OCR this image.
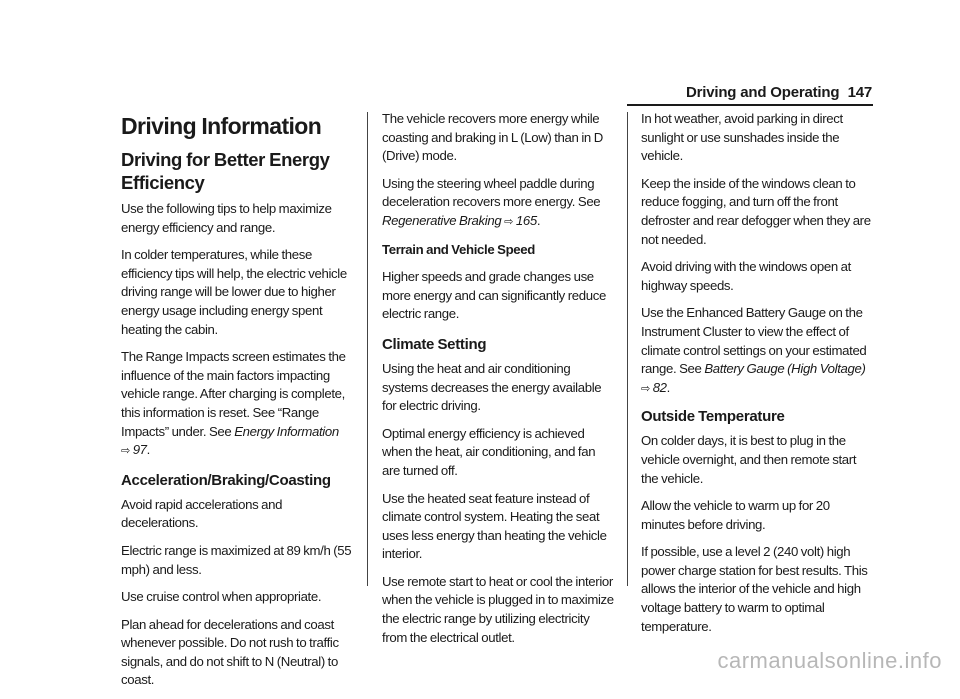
Driving and Operating 147
Driving Information
Driving for Better Energy Efficiency

Use the following tips to help maximize energy efficiency and range.

In colder temperatures, while these efficiency tips will help, the electric vehicle driving range will be lower due to higher energy usage including energy spent heating the cabin.

The Range Impacts screen estimates the influence of the main factors impacting vehicle range. After charging is complete, this information is reset. See “Range Impacts” under. See Energy Information
⇨ 97.

Acceleration/Braking/Coasting

Avoid rapid accelerations and decelerations.

Electric range is maximized at 89 km/h (55 mph) and less.

Use cruise control when appropriate.

Plan ahead for decelerations and coast whenever possible. Do not rush to traffic signals, and do not shift to N (Neutral) to coast.

The vehicle recovers more energy while coasting and braking in L (Low) than in D (Drive) mode.

Using the steering wheel paddle during deceleration recovers more energy. See
Regenerative Braking ⇨ 165.

Terrain and Vehicle Speed

Higher speeds and grade changes use more energy and can significantly reduce electric range.

Climate Setting

Using the heat and air conditioning systems decreases the energy available for electric driving.

Optimal energy efficiency is achieved when the heat, air conditioning, and fan are turned off.

Use the heated seat feature instead of climate control system. Heating the seat uses less energy than heating the vehicle interior.

Use remote start to heat or cool the interior when the vehicle is plugged in to maximize the electric range by utilizing electricity from the electrical outlet.

In hot weather, avoid parking in direct sunlight or use sunshades inside the vehicle.

Keep the inside of the windows clean to reduce fogging, and turn off the front defroster and rear defogger when they are not needed.

Avoid driving with the windows open at highway speeds.

Use the Enhanced Battery Gauge on the Instrument Cluster to view the effect of climate control settings on your estimated range. See Battery Gauge (High Voltage)
⇨ 82.

Outside Temperature

On colder days, it is best to plug in the vehicle overnight, and then remote start the vehicle.

Allow the vehicle to warm up for 20 minutes before driving.

If possible, use a level 2 (240 volt) high power charge station for best results. This allows the interior of the vehicle and high voltage battery to warm to optimal temperature.

carmanualsonline.info
